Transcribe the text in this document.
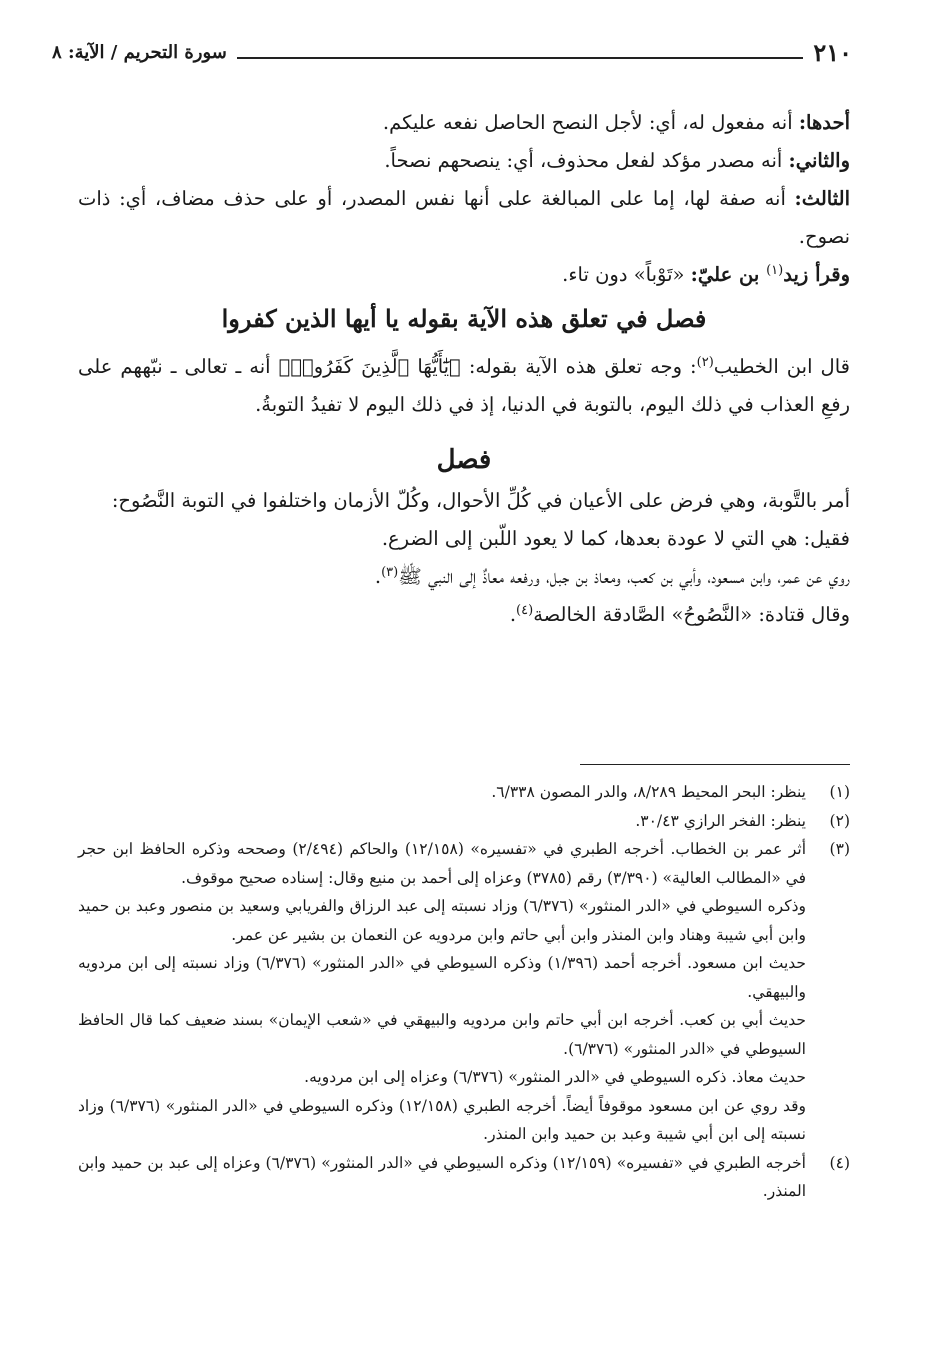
٢١٠
سورة التحريم / الآية: ٨

أحدها: أنه مفعول له، أي: لأجل النصح الحاصل نفعه عليكم.

والثاني: أنه مصدر مؤكد لفعل محذوف، أي: ينصحهم نصحاً.

الثالث: أنه صفة لها، إما على المبالغة على أنها نفس المصدر، أو على حذف مضاف، أي: ذات نصوح.

وقرأ زيد$^{(١)}$ بن عليّ: «تَوْباً» دون تاء.

فصل في تعلق هذه الآية بقوله يا أيها الذين كفروا

قال ابن الخطيب$^{(٢)}$: وجه تعلق هذه الآية بقوله: ﴿يَٰٓأَيُّهَا ٱلَّذِينَ كَفَرُوا۟﴾ أنه ـ تعالى ـ نبّههم على رفعِ العذاب في ذلك اليوم، بالتوبة في الدنيا، إذ في ذلك اليوم لا تفيدُ التوبةُ.

فصل

أمر بالتَّوبة، وهي فرض على الأعيان في كُلِّ الأحوال، وكُلّ الأزمان واختلفوا في التوبة النَّصُوح:

فقيل: هي التي لا عودة بعدها، كما لا يعود اللّبن إلى الضرع.

روي عن عمر، وابن مسعود، وأبي بن كعب، ومعاذ بن جبل، ورفعه معاذٌ إلى النبي ﷺ$^{(٣)}$.

وقال قتادة: «النَّصُوحُ» الصَّادقة الخالصة$^{(٤)}$.

(١)

ينظر: البحر المحيط ٨/٢٨٩، والدر المصون ٦/٣٣٨.

(٢)

ينظر: الفخر الرازي ٣٠/٤٣.

(٣)

أثر عمر بن الخطاب. أخرجه الطبري في «تفسيره» (١٢/١٥٨) والحاكم (٢/٤٩٤) وصححه وذكره الحافظ ابن حجر في «المطالب العالية» (٣/٣٩٠) رقم (٣٧٨٥) وعزاه إلى أحمد بن منيع وقال: إسناده صحيح موقوف.

وذكره السيوطي في «الدر المنثور» (٦/٣٧٦) وزاد نسبته إلى عبد الرزاق والفريابي وسعيد بن منصور وعبد بن حميد وابن أبي شيبة وهناد وابن المنذر وابن أبي حاتم وابن مردويه عن النعمان بن بشير عن عمر.

حديث ابن مسعود. أخرجه أحمد (١/٣٩٦) وذكره السيوطي في «الدر المنثور» (٦/٣٧٦) وزاد نسبته إلى ابن مردويه والبيهقي.

حديث أبي بن كعب. أخرجه ابن أبي حاتم وابن مردويه والبيهقي في «شعب الإيمان» بسند ضعيف كما قال الحافظ السيوطي في «الدر المنثور» (٦/٣٧٦).

حديث معاذ. ذكره السيوطي في «الدر المنثور» (٦/٣٧٦) وعزاه إلى ابن مردويه.

وقد روي عن ابن مسعود موقوفاً أيضاً. أخرجه الطبري (١٢/١٥٨) وذكره السيوطي في «الدر المنثور» (٦/٣٧٦) وزاد نسبته إلى ابن أبي شيبة وعبد بن حميد وابن المنذر.

(٤)

أخرجه الطبري في «تفسيره» (١٢/١٥٩) وذكره السيوطي في «الدر المنثور» (٦/٣٧٦) وعزاه إلى عبد بن حميد وابن المنذر.
